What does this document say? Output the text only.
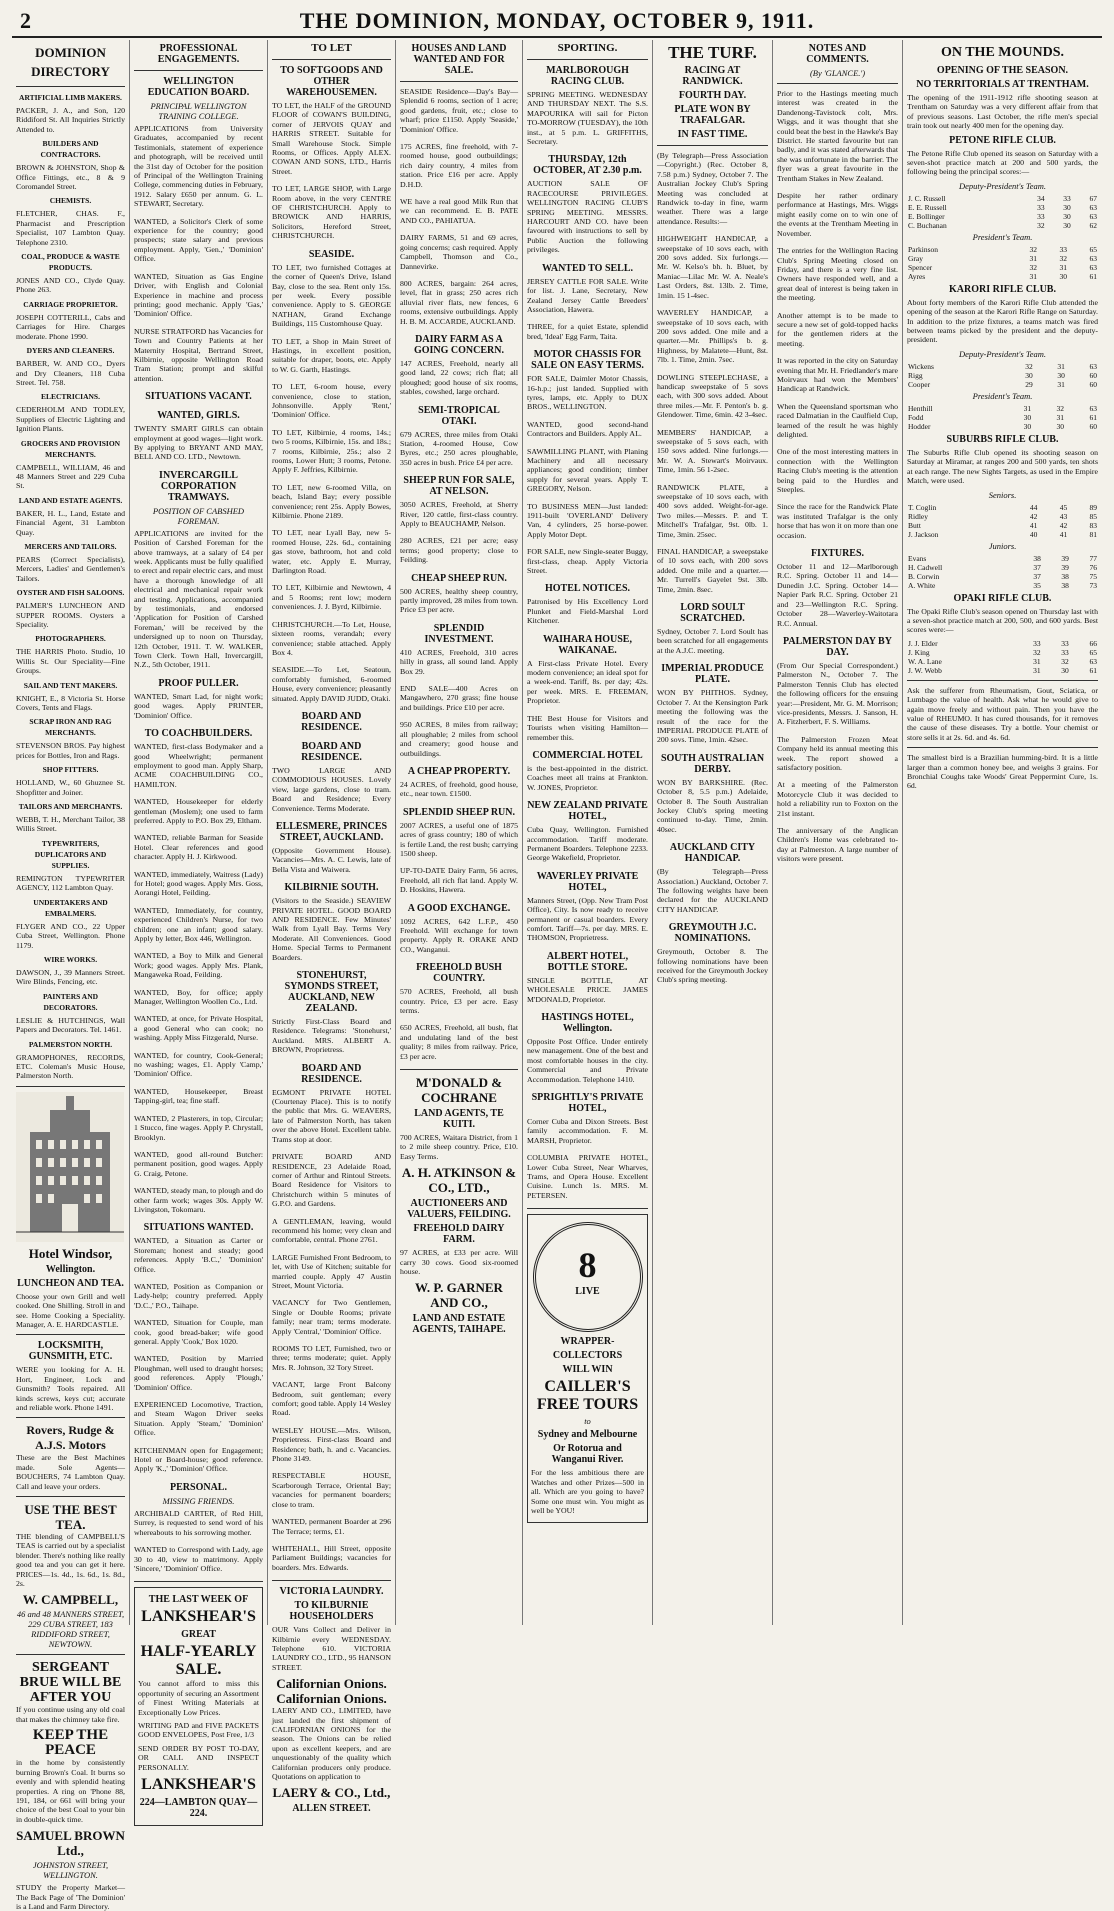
2	THE DOMINION, MONDAY, OCTOBER 9, 1911.
DOMINION DIRECTORY
ARTIFICIAL LIMB MAKERS.
PACKER, J. A., and Son, 120 Riddiford St. All Inquiries Strictly Attended to.
BUILDERS AND CONTRACTORS.
BROWN & JOHNSTON, Shop & Office Fittings, etc., 8 & 9 Coromandel Street.
CHEMISTS.
FLETCHER, CHAS. F., Pharmacist and Prescription Specialist, 107 Lambton Quay. Telephone 2310.
COAL, PRODUCE & WASTE PRODUCTS.
JONES AND CO., Clyde Quay. Phone 263.
CARRIAGE PROPRIETOR.
JOSEPH COTTERILL, Cabs and Carriages for Hire. Charges moderate. Phone 1990.
DYERS AND CLEANERS.
BARBER, W. AND CO., Dyers and Dry Cleaners, 118 Cuba Street. Tel. 758.
ELECTRICIANS.
CEDERHOLM AND TODLEY, Suppliers of Electric Lighting and Ignition Plants.
GROCERS AND PROVISION MERCHANTS.
CAMPBELL, WILLIAM, 46 and 48 Manners Street and 229 Cuba St.
LAND AND ESTATE AGENTS.
BAKER, H. L., Land, Estate and Financial Agent, 31 Lambton Quay.
MERCERS AND TAILORS.
PEARS (Correct Specialists), Mercers, Ladies' and Gentlemen's Tailors.
OYSTER AND FISH SALOONS.
PALMER'S LUNCHEON AND SUPPER ROOMS. Oysters a Speciality.
PHOTOGRAPHERS.
THE HARRIS Photo. Studio, 10 Willis St. Our Speciality—Fine Groups.
SAIL AND TENT MAKERS.
KNIGHT, E., 8 Victoria St. Horse Covers, Tents and Flags.
SCRAP IRON AND RAG MERCHANTS.
STEVENSON BROS. Pay highest prices for Bottles, Iron and Rags.
SHOP FITTERS.
HOLLAND, W., 60 Ghuznee St. Shopfitter and Joiner.
TAILORS AND MERCHANTS.
WEBB, T. H., Merchant Tailor, 38 Willis Street.
TYPEWRITERS, DUPLICATORS AND SUPPLIES.
REMINGTON TYPEWRITER AGENCY, 112 Lambton Quay.
UNDERTAKERS AND EMBALMERS.
FLYGER AND CO., 22 Upper Cuba Street, Wellington. Phone 1179.
WIRE WORKS.
DAWSON, J., 39 Manners Street. Wire Blinds, Fencing, etc.
PAINTERS AND DECORATORS.
LESLIE & HUTCHINGS, Wall Papers and Decorators. Tel. 1461.
PALMERSTON NORTH.
GRAMOPHONES, RECORDS, ETC. Coleman's Music House, Palmerston North.
Hotel Windsor,
Wellington.
LUNCHEON AND TEA.
Choose your own Grill and well cooked. One Shilling. Stroll in and see. Home Cooking a Speciality. Manager, A. E. HARDCASTLE.
LOCKSMITH, GUNSMITH, ETC.
WERE you looking for A. H. Hort, Engineer, Lock and Gunsmith? Tools repaired. All kinds screws, keys cut; accurate and reliable work. Phone 1491.
Rovers, Rudge & A.J.S. Motors
These are the Best Machines made. Sole Agents—BOUCHERS, 74 Lambton Quay. Call and leave your orders.
USE THE BEST TEA.
THE blending of CAMPBELL'S TEAS is carried out by a specialist blender. There's nothing like really good tea and you can get it here. PRICES—1s. 4d., 1s. 6d., 1s. 8d., 2s.
W. CAMPBELL,
46 and 48 MANNERS STREET, 229 CUBA STREET, 183 RIDDIFORD STREET, NEWTOWN.
SERGEANT BRUE WILL BE AFTER YOU
If you continue using any old coal that makes the chimney take fire.
KEEP THE PEACE
in the home by consistently burning Brown's Coal. It burns so evenly and with splendid heating properties. A ring on 'Phone 88, 191, 184, or 661 will bring your choice of the best Coal to your bin in double-quick time.
SAMUEL BROWN Ltd.,
JOHNSTON STREET, WELLINGTON.
STUDY the Property Market—The Back Page of 'The Dominion' is a Land and Farm Directory.
PROFESSIONAL ENGAGEMENTS.
WELLINGTON EDUCATION BOARD.
PRINCIPAL WELLINGTON TRAINING COLLEGE.
APPLICATIONS from University Graduates, accompanied by recent Testimonials, statement of experience and photograph, will be received until the 31st day of October for the position of Principal of the Wellington Training College, commencing duties in February, 1912. Salary £650 per annum. G. L. STEWART, Secretary.
WANTED, a Solicitor's Clerk of some experience for the country; good prospects; state salary and previous employment. Apply, 'Gen.,' 'Dominion' Office.
WANTED, Situation as Gas Engine Driver, with English and Colonial Experience in machine and process printing; good mechanic. Apply 'Gas,' 'Dominion' Office.
NURSE STRATFORD has Vacancies for Town and Country Patients at her Maternity Hospital, Bertrand Street, Kilbirnie, opposite Wellington Road Tram Station; prompt and skilful attention.
SITUATIONS VACANT.
WANTED, GIRLS.
TWENTY SMART GIRLS can obtain employment at good wages—light work. By applying to BRYANT AND MAY, BELL AND CO. LTD., Newtown.
INVERCARGILL CORPORATION TRAMWAYS.
POSITION OF CABSHED FOREMAN.
APPLICATIONS are invited for the Position of Carshed Foreman for the above tramways, at a salary of £4 per week. Applicants must be fully qualified to erect and repair electric cars, and must have a thorough knowledge of all electrical and mechanical repair work and testing. Applications, accompanied by testimonials, and endorsed 'Application for Position of Carshed Foreman,' will be received by the undersigned up to noon on Thursday, 12th October, 1911. T. W. WALKER, Town Clerk. Town Hall, Invercargill, N.Z., 5th October, 1911.
PROOF PULLER.
WANTED, Smart Lad, for night work; good wages. Apply PRINTER, 'Dominion' Office.
TO COACHBUILDERS.
WANTED, first-class Bodymaker and a good Wheelwright; permanent employment to good man. Apply Sharp, ACME COACHBUILDING CO., HAMILTON.
WANTED, Housekeeper for elderly gentleman (Moslem); one used to farm preferred. Apply to P.O. Box 29, Eltham.
WANTED, reliable Barman for Seaside Hotel. Clear references and good character. Apply H. J. Kirkwood.
WANTED, immediately, Waitress (Lady) for Hotel; good wages. Apply Mrs. Goss, Aorangi Hotel, Feilding.
WANTED, Immediately, for country, experienced Children's Nurse, for two children; one an infant; good salary. Apply by letter, Box 446, Wellington.
WANTED, a Boy to Milk and General Work; good wages. Apply Mrs. Plank, Mangaweka Road, Feilding.
WANTED, Boy, for office; apply Manager, Wellington Woollen Co., Ltd.
WANTED, at once, for Private Hospital, a good General who can cook; no washing. Apply Miss Fitzgerald, Nurse.
WANTED, for country, Cook-General; no washing; wages, £1. Apply 'Camp,' 'Dominion' Office.
WANTED, Housekeeper, Breast Tapping-girl, tea; fine staff.
WANTED, 2 Plasterers, in top, Circular; 1 Stucco, fine wages. Apply P. Chrystall, Brooklyn.
WANTED, good all-round Butcher: permanent position, good wages. Apply G. Craig, Petone.
WANTED, steady man, to plough and do other farm work; wages 30s. Apply W. Livingston, Tokomaru.
SITUATIONS WANTED.
WANTED, a Situation as Carter or Storeman; honest and steady; good references. Apply 'B.C.,' 'Dominion' Office.
WANTED, Position as Companion or Lady-help; country preferred. Apply 'D.C.,' P.O., Taihape.
WANTED, Situation for Couple, man cook, good bread-baker; wife good general. Apply 'Cook,' Box 1020.
WANTED, Position by Married Ploughman, well used to draught horses; good references. Apply 'Plough,' 'Dominion' Office.
EXPERIENCED Locomotive, Traction, and Steam Wagon Driver seeks Situation. Apply 'Steam,' 'Dominion' Office.
KITCHENMAN open for Engagement; Hotel or Board-house; good reference. Apply 'K.,' 'Dominion' Office.
PERSONAL.
MISSING FRIENDS.
ARCHIBALD CARTER, of Red Hill, Surrey, is requested to send word of his whereabouts to his sorrowing mother.
WANTED to Correspond with Lady, age 30 to 40, view to matrimony. Apply 'Sincere,' 'Dominion' Office.
THE LAST WEEK OF
LANKSHEAR'S
GREAT
HALF-YEARLY SALE.
You cannot afford to miss this opportunity of securing an Assortment of Finest Writing Materials at Exceptionally Low Prices.
WRITING PAD and FIVE PACKETS GOOD ENVELOPES, Post Free, 1/3
SEND ORDER BY POST TO-DAY, OR CALL AND INSPECT PERSONALLY.
LANKSHEAR'S
224—LAMBTON QUAY—224.
TO LET
TO SOFTGOODS AND OTHER WAREHOUSEMEN.
TO LET, the HALF of the GROUND FLOOR of COWAN'S BUILDING, corner of JERVOIS QUAY and HARRIS STREET. Suitable for Small Warehouse Stock. Simple Rooms, or Offices. Apply ALEX. COWAN AND SONS, LTD., Harris Street.
TO LET, LARGE SHOP, with Large Room above, in the very CENTRE OF CHRISTCHURCH. Apply to BROWICK AND HARRIS, Solicitors, Hereford Street, CHRISTCHURCH.
SEASIDE.
TO LET, two furnished Cottages at the corner of Queen's Drive, Island Bay, close to the sea. Rent only 15s. per week. Every possible convenience. Apply to S. GEORGE NATHAN, Grand Exchange Buildings, 115 Customhouse Quay.
TO LET, a Shop in Main Street of Hastings, in excellent position, suitable for draper, boots, etc. Apply to W. G. Garth, Hastings.
TO LET, 6-room house, every convenience, close to station, Johnsonville. Apply 'Rent,' 'Dominion' Office.
TO LET, Kilbirnie, 4 rooms, 14s.; two 5 rooms, Kilbirnie, 15s. and 18s.; 7 rooms, Kilbirnie, 25s.; also 2 rooms, Lower Hutt; 3 rooms, Petone. Apply F. Jeffries, Kilbirnie.
TO LET, new 6-roomed Villa, on beach, Island Bay; every possible convenience; rent 25s. Apply Bowes, Kilbirnie. Phone 2189.
TO LET, near Lyall Bay, new 5-roomed House, 22s. 6d., containing gas stove, bathroom, hot and cold water, etc. Apply E. Murray, Darlington Road.
TO LET, Kilbirnie and Newtown, 4 and 5 Rooms; rent low; modern conveniences. J. J. Byrd, Kilbirnie.
CHRISTCHURCH.—To Let, House, sixteen rooms, verandah; every convenience; stable attached. Apply Box 4.
SEASIDE.—To Let, Seatoun, comfortably furnished, 6-roomed House, every convenience; pleasantly situated. Apply DAVID JUDD, Otaki.
BOARD AND RESIDENCE.
BOARD AND RESIDENCE.
TWO LARGE AND COMMODIOUS HOUSES. Lovely view, large gardens, close to tram. Board and Residence; Every Convenience. Terms Moderate.
ELLESMERE, PRINCES STREET, AUCKLAND.
(Opposite Government House). Vacancies—Mrs. A. C. Lewis, late of Bella Vista and Waiwera.
KILBIRNIE SOUTH.
(Visitors to the Seaside.) SEAVIEW PRIVATE HOTEL. GOOD BOARD AND RESIDENCE. Few Minutes' Walk from Lyall Bay. Terms Very Moderate. All Conveniences. Good Home. Special Terms to Permanent Boarders.
STONEHURST, SYMONDS STREET, AUCKLAND, NEW ZEALAND.
Strictly First-Class Board and Residence. Telegrams: 'Stonehurst,' Auckland. MRS. ALBERT A. BROWN, Proprietress.
BOARD AND RESIDENCE.
EGMONT PRIVATE HOTEL (Courtenay Place). This is to notify the public that Mrs. G. WEAVERS, late of Palmerston North, has taken over the above Hotel. Excellent table. Trams stop at door.
PRIVATE BOARD AND RESIDENCE, 23 Adelaide Road, corner of Arthur and Rintoul Streets. Board Residence for Visitors to Christchurch within 5 minutes of G.P.O. and Gardens.
A GENTLEMAN, leaving, would recommend his home; very clean and comfortable, central. Phone 2761.
LARGE Furnished Front Bedroom, to let, with Use of Kitchen; suitable for married couple. Apply 47 Austin Street, Mount Victoria.
VACANCY for Two Gentlemen, Single or Double Rooms; private family; near tram; terms moderate. Apply 'Central,' 'Dominion' Office.
ROOMS TO LET, Furnished, two or three; terms moderate; quiet. Apply Mrs. R. Johnson, 32 Tory Street.
VACANT, large Front Balcony Bedroom, suit gentleman; every comfort; good table. Apply 14 Wesley Road.
WESLEY HOUSE.—Mrs. Wilson, Proprietress. First-class Board and Residence; bath, h. and c. Vacancies. Phone 3149.
RESPECTABLE HOUSE, Scarborough Terrace, Oriental Bay; vacancies for permanent boarders; close to tram.
WANTED, permanent Boarder at 296 The Terrace; terms, £1.
WHITEHALL, Hill Street, opposite Parliament Buildings; vacancies for boarders. Mrs. Edwards.
VICTORIA LAUNDRY.
TO KILBURNIE HOUSEHOLDERS
OUR Vans Collect and Deliver in Kilbirnie every WEDNESDAY. Telephone 610. VICTORIA LAUNDRY CO., LTD., 95 HANSON STREET.
Californian Onions.
Californian Onions.
LAERY AND CO., LIMITED, have just landed the first shipment of CALIFORNIAN ONIONS for the season. The Onions can be relied upon as excellent keepers, and are unquestionably of the quality which Californian producers only produce. Quotations on application to
LAERY & CO., Ltd.,
ALLEN STREET.
HOUSES AND LAND WANTED AND FOR SALE.
SEASIDE Residence—Day's Bay—Splendid 6 rooms, section of 1 acre; good gardens, fruit, etc.; close to wharf; price £1150. Apply 'Seaside,' 'Dominion' Office.
175 ACRES, fine freehold, with 7-roomed house, good outbuildings; rich dairy country, 4 miles from station. Price £16 per acre. Apply D.H.D.
WE have a real good Milk Run that we can recommend. E. B. PATE AND CO., PAHIATUA.
DAIRY FARMS, 51 and 69 acres, going concerns; cash required. Apply Campbell, Thomson and Co., Dannevirke.
800 ACRES, bargain: 264 acres, level, flat in grass; 250 acres rich alluvial river flats, new fences, 6 rooms, extensive outbuildings. Apply H. B. M. ACCARDE, AUCKLAND.
DAIRY FARM AS A GOING CONCERN.
147 ACRES, Freehold, nearly all good land, 22 cows; rich flat; all ploughed; good house of six rooms, stables, cowshed, large orchard.
SEMI-TROPICAL OTAKI.
679 ACRES, three miles from Otaki Station, 4-roomed House, Cow Byres, etc.; 250 acres ploughable, 350 acres in bush. Price £4 per acre.
SHEEP RUN FOR SALE, AT NELSON.
3050 ACRES, Freehold, at Sherry River, 120 cattle, first-class country. Apply to BEAUCHAMP, Nelson.
280 ACRES, £21 per acre; easy terms; good property; close to Feilding.
CHEAP SHEEP RUN.
500 ACRES, healthy sheep country, partly improved, 28 miles from town. Price £3 per acre.
SPLENDID INVESTMENT.
410 ACRES, Freehold, 310 acres hilly in grass, all sound land. Apply Box 29.
END SALE—400 Acres on Mangawhero, 270 grass; fine house and buildings. Price £10 per acre.
950 ACRES, 8 miles from railway; all ploughable; 2 miles from school and creamery; good house and outbuildings.
A CHEAP PROPERTY.
24 ACRES, of freehold, good house, etc., near town. £1500.
SPLENDID SHEEP RUN.
2007 ACRES, a useful one of 1875 acres of grass country; 180 of which is fertile Land, the rest bush; carrying 1500 sheep.
UP-TO-DATE Dairy Farm, 56 acres, Freehold, all rich flat land. Apply W. D. Hoskins, Hawera.
A GOOD EXCHANGE.
1092 ACRES, 642 L.F.P., 450 Freehold. Will exchange for town property. Apply R. ORAKE AND CO., Wanganui.
FREEHOLD BUSH COUNTRY.
570 ACRES, Freehold, all bush country. Price, £3 per acre. Easy terms.
650 ACRES, Freehold, all bush, flat and undulating land of the best quality; 8 miles from railway. Price, £3 per acre.
M'DONALD & COCHRANE
LAND AGENTS, TE KUITI.
700 ACRES, Waitara District, from 1 to 2 mile sheep country. Price, £10. Easy Terms.
A. H. ATKINSON & CO., LTD.,
AUCTIONEERS AND VALUERS, FEILDING.
FREEHOLD DAIRY FARM.
97 ACRES, at £33 per acre. Will carry 30 cows. Good six-roomed house.
W. P. GARNER AND CO.,
LAND AND ESTATE AGENTS, TAIHAPE.
SPORTING.
MARLBOROUGH RACING CLUB.
SPRING MEETING. WEDNESDAY AND THURSDAY NEXT. The S.S. MAPOURIKA will sail for Picton TO-MORROW (TUESDAY), the 10th inst., at 5 p.m. L. GRIFFITHS, Secretary.
THURSDAY, 12th OCTOBER, AT 2.30 p.m.
AUCTION SALE OF RACECOURSE PRIVILEGES. WELLINGTON RACING CLUB'S SPRING MEETING. MESSRS. HARCOURT AND CO. have been favoured with instructions to sell by Public Auction the following privileges.
WANTED TO SELL.
JERSEY CATTLE FOR SALE. Write for list. J. Lane, Secretary, New Zealand Jersey Cattle Breeders' Association, Hawera.
THREE, for a quiet Estate, splendid bred, 'Ideal' Egg Farm, Taita.
MOTOR CHASSIS FOR SALE ON EASY TERMS.
FOR SALE, Daimler Motor Chassis, 16-h.p.; just landed. Supplied with tyres, lamps, etc. Apply to DUX BROS., WELLINGTON.
WANTED, good second-hand Contractors and Builders. Apply AL.
SAWMILLING PLANT, with Planing Machinery and all necessary appliances; good condition; timber supply for several years. Apply T. GREGORY, Nelson.
TO BUSINESS MEN—Just landed: 1911-built 'OVERLAND' Delivery Van, 4 cylinders, 25 horse-power. Apply Motor Dept.
FOR SALE, new Single-seater Buggy, first-class, cheap. Apply Victoria Street.
HOTEL NOTICES.
Patronised by His Excellency Lord Plunket and Field-Marshal Lord Kitchener.
WAIHARA HOUSE, WAIKANAE.
A First-class Private Hotel. Every modern convenience; an ideal spot for a week-end. Tariff, 8s. per day; 42s. per week. MRS. E. FREEMAN, Proprietor.
THE Best House for Visitors and Tourists when visiting Hamilton—remember this.
COMMERCIAL HOTEL
is the best-appointed in the district. Coaches meet all trains at Frankton. W. JONES, Proprietor.
NEW ZEALAND PRIVATE HOTEL,
Cuba Quay, Wellington. Furnished accommodation. Tariff moderate. Permanent Boarders. Telephone 2233. George Wakefield, Proprietor.
WAVERLEY PRIVATE HOTEL,
Manners Street, (Opp. New Tram Post Office), City. Is now ready to receive permanent or casual boarders. Every comfort. Tariff—7s. per day. MRS. E. THOMSON, Proprietress.
ALBERT HOTEL, BOTTLE STORE.
SINGLE BOTTLE, AT WHOLESALE PRICE. JAMES M'DONALD, Proprietor.
HASTINGS HOTEL, Wellington.
Opposite Post Office. Under entirely new management. One of the best and most comfortable houses in the city. Commercial and Private Accommodation. Telephone 1410.
SPRIGHTLY'S PRIVATE HOTEL,
Corner Cuba and Dixon Streets. Best family accommodation. F. M. MARSH, Proprietor.
COLUMBIA PRIVATE HOTEL, Lower Cuba Street, Near Wharves, Trams, and Opera House. Excellent Cuisine. Lunch 1s. MRS. M. PETERSEN.
8
LIVE
WRAPPER-
COLLECTORS
WILL WIN
CAILLER'S
FREE TOURS
to
Sydney and Melbourne
Or Rotorua and Wanganui River.
For the less ambitious there are Watches and other Prizes—500 in all. Which are you going to have? Some one must win. You might as well be YOU!
THE TURF.
RACING AT RANDWICK.
FOURTH DAY.
PLATE WON BY TRAFALGAR.
IN FAST TIME.
(By Telegraph—Press Association—Copyright.) (Rec. October 8, 7.58 p.m.) Sydney, October 7. The Australian Jockey Club's Spring Meeting was concluded at Randwick to-day in fine, warm weather. There was a large attendance. Results:—
HIGHWEIGHT HANDICAP, a sweepstake of 10 sovs each, with 200 sovs added. Six furlongs.—Mr. W. Kelso's bh. h. Bluet, by Maniac—Lilac Mr. W. A. Neale's Last Orders, 8st. 13lb. 2. Time, 1min. 15 1-4sec.
WAVERLEY HANDICAP, a sweepstake of 10 sovs each, with 200 sovs added. One mile and a quarter.—Mr. Phillips's b. g. Highness, by Malatete—Hunt, 8st. 7lb. 1. Time, 2min. 7sec.
DOWLING STEEPLECHASE, a handicap sweepstake of 5 sovs each, with 300 sovs added. About three miles.—Mr. F. Penton's b. g. Glendower. Time, 6min. 42 3-4sec.
MEMBERS' HANDICAP, a sweepstake of 5 sovs each, with 150 sovs added. Nine furlongs.—Mr. W. A. Stewart's Moirvaux. Time, 1min. 56 1-2sec.
RANDWICK PLATE, a sweepstake of 10 sovs each, with 400 sovs added. Weight-for-age. Two miles.—Messrs. P. and T. Mitchell's Trafalgar, 9st. 0lb. 1. Time, 3min. 25sec.
FINAL HANDICAP, a sweepstake of 10 sovs each, with 200 sovs added. One mile and a quarter.—Mr. Turrell's Gayelet 9st. 3lb. Time, 2min. 8sec.
LORD SOULT SCRATCHED.
Sydney, October 7. Lord Soult has been scratched for all engagements at the A.J.C. meeting.
IMPERIAL PRODUCE PLATE.
WON BY PHITHOS. Sydney, October 7. At the Kensington Park meeting the following was the result of the race for the IMPERIAL PRODUCE PLATE of 200 sovs. Time, 1min. 42sec.
SOUTH AUSTRALIAN DERBY.
WON BY BARKSHIRE. (Rec. October 8, 5.5 p.m.) Adelaide, October 8. The South Australian Jockey Club's spring meeting continued to-day. Time, 2min. 40sec.
AUCKLAND CITY HANDICAP.
(By Telegraph—Press Association.) Auckland, October 7. The following weights have been declared for the AUCKLAND CITY HANDICAP.
GREYMOUTH J.C. NOMINATIONS.
Greymouth, October 8. The following nominations have been received for the Greymouth Jockey Club's spring meeting.
NOTES AND COMMENTS.
(By 'GLANCE.')
Prior to the Hastings meeting much interest was created in the Dandenong-Tavistock colt, Mrs. Wiggs, and it was thought that she could beat the best in the Hawke's Bay District. He started favourite but ran badly, and it was stated afterwards that she was unfortunate in the barrier. The flyer was a great favourite in the Trentham Stakes in New Zealand.
Despite her rather ordinary performance at Hastings, Mrs. Wiggs might easily come on to win one of the events at the Trentham Meeting in November.
The entries for the Wellington Racing Club's Spring Meeting closed on Friday, and there is a very fine list. Owners have responded well, and a great deal of interest is being taken in the meeting.
Another attempt is to be made to secure a new set of gold-topped hacks for the gentlemen riders at the meeting.
It was reported in the city on Saturday evening that Mr. H. Friedlander's mare Moirvaux had won the Members' Handicap at Randwick.
When the Queensland sportsman who raced Dalmatian in the Caulfield Cup, learned of the result he was highly delighted.
One of the most interesting matters in connection with the Wellington Racing Club's meeting is the attention being paid to the Hurdles and Steeples.
Since the race for the Randwick Plate was instituted Trafalgar is the only horse that has won it on more than one occasion.
FIXTURES.
October 11 and 12—Marlborough R.C. Spring. October 11 and 14—Dunedin J.C. Spring. October 14—Napier Park R.C. Spring. October 21 and 23—Wellington R.C. Spring. October 28—Waverley-Waitotara R.C. Annual.
PALMERSTON DAY BY DAY.
(From Our Special Correspondent.) Palmerston N., October 7. The Palmerston Tennis Club has elected the following officers for the ensuing year:—President, Mr. G. M. Morrison; vice-presidents, Messrs. J. Sanson, H. A. Fitzherbert, F. S. Williams.
The Palmerston Frozen Meat Company held its annual meeting this week. The report showed a satisfactory position.
At a meeting of the Palmerston Motorcycle Club it was decided to hold a reliability run to Foxton on the 21st instant.
The anniversary of the Anglican Children's Home was celebrated to-day at Palmerston. A large number of visitors were present.
ON THE MOUNDS.
OPENING OF THE SEASON.
NO TERRITORIALS AT TRENTHAM.
The opening of the 1911-1912 rifle shooting season at Trentham on Saturday was a very different affair from that of previous seasons. Last October, the rifle men's special train took out nearly 400 men for the opening day.
PETONE RIFLE CLUB.
The Petone Rifle Club opened its season on Saturday with a seven-shot practice match at 200 and 500 yards, the following being the principal scores:—
Deputy-President's Team.
J. C. Russell	34	33	67
E. E. Russell	33	30	63
E. Bollinger	33	30	63
C. Buchanan	32	30	62
President's Team.
Parkinson	32	33	65
Gray	31	32	63
Spencer	32	31	63
Ayres	31	30	61
KARORI RIFLE CLUB.
About forty members of the Karori Rifle Club attended the opening of the season at the Karori Rifle Range on Saturday. In addition to the prize fixtures, a teams match was fired between teams picked by the president and the deputy-president.
Deputy-President's Team.
Wickens	32	31	63
Rigg	30	30	60
Cooper	29	31	60
President's Team.
Henthill	31	32	63
Fodd	30	31	61
Hodder	30	30	60
SUBURBS RIFLE CLUB.
The Suburbs Rifle Club opened its shooting season on Saturday at Miramar, at ranges 200 and 500 yards, ten shots at each range. The new Sights Targets, as used in the Empire Match, were used.
Seniors.
T. Coglin	44	45	89
Ridley	42	43	85
Butt	41	42	83
J. Jackson	40	41	81
Juniors.
Evans	38	39	77
H. Cadwell	37	39	76
B. Corwin	37	38	75
A. White	35	38	73
OPAKI RIFLE CLUB.
The Opaki Rifle Club's season opened on Thursday last with a seven-shot practice match at 200, 500, and 600 yards. Best scores were:—
J. J. Elder	33	33	66
J. King	32	33	65
W. A. Lane	31	32	63
J. W. Webb	31	30	61
Ask the sufferer from Rheumatism, Gout, Sciatica, or Lumbago the value of health. Ask what he would give to again move freely and without pain. Then you have the value of RHEUMO. It has cured thousands, for it removes the cause of these diseases. Try a bottle. Your chemist or store sells it at 2s. 6d. and 4s. 6d.
The smallest bird is a Brazilian humming-bird. It is a little larger than a common honey bee, and weighs 3 grains. For Bronchial Coughs take Woods' Great Peppermint Cure, 1s. 6d.
